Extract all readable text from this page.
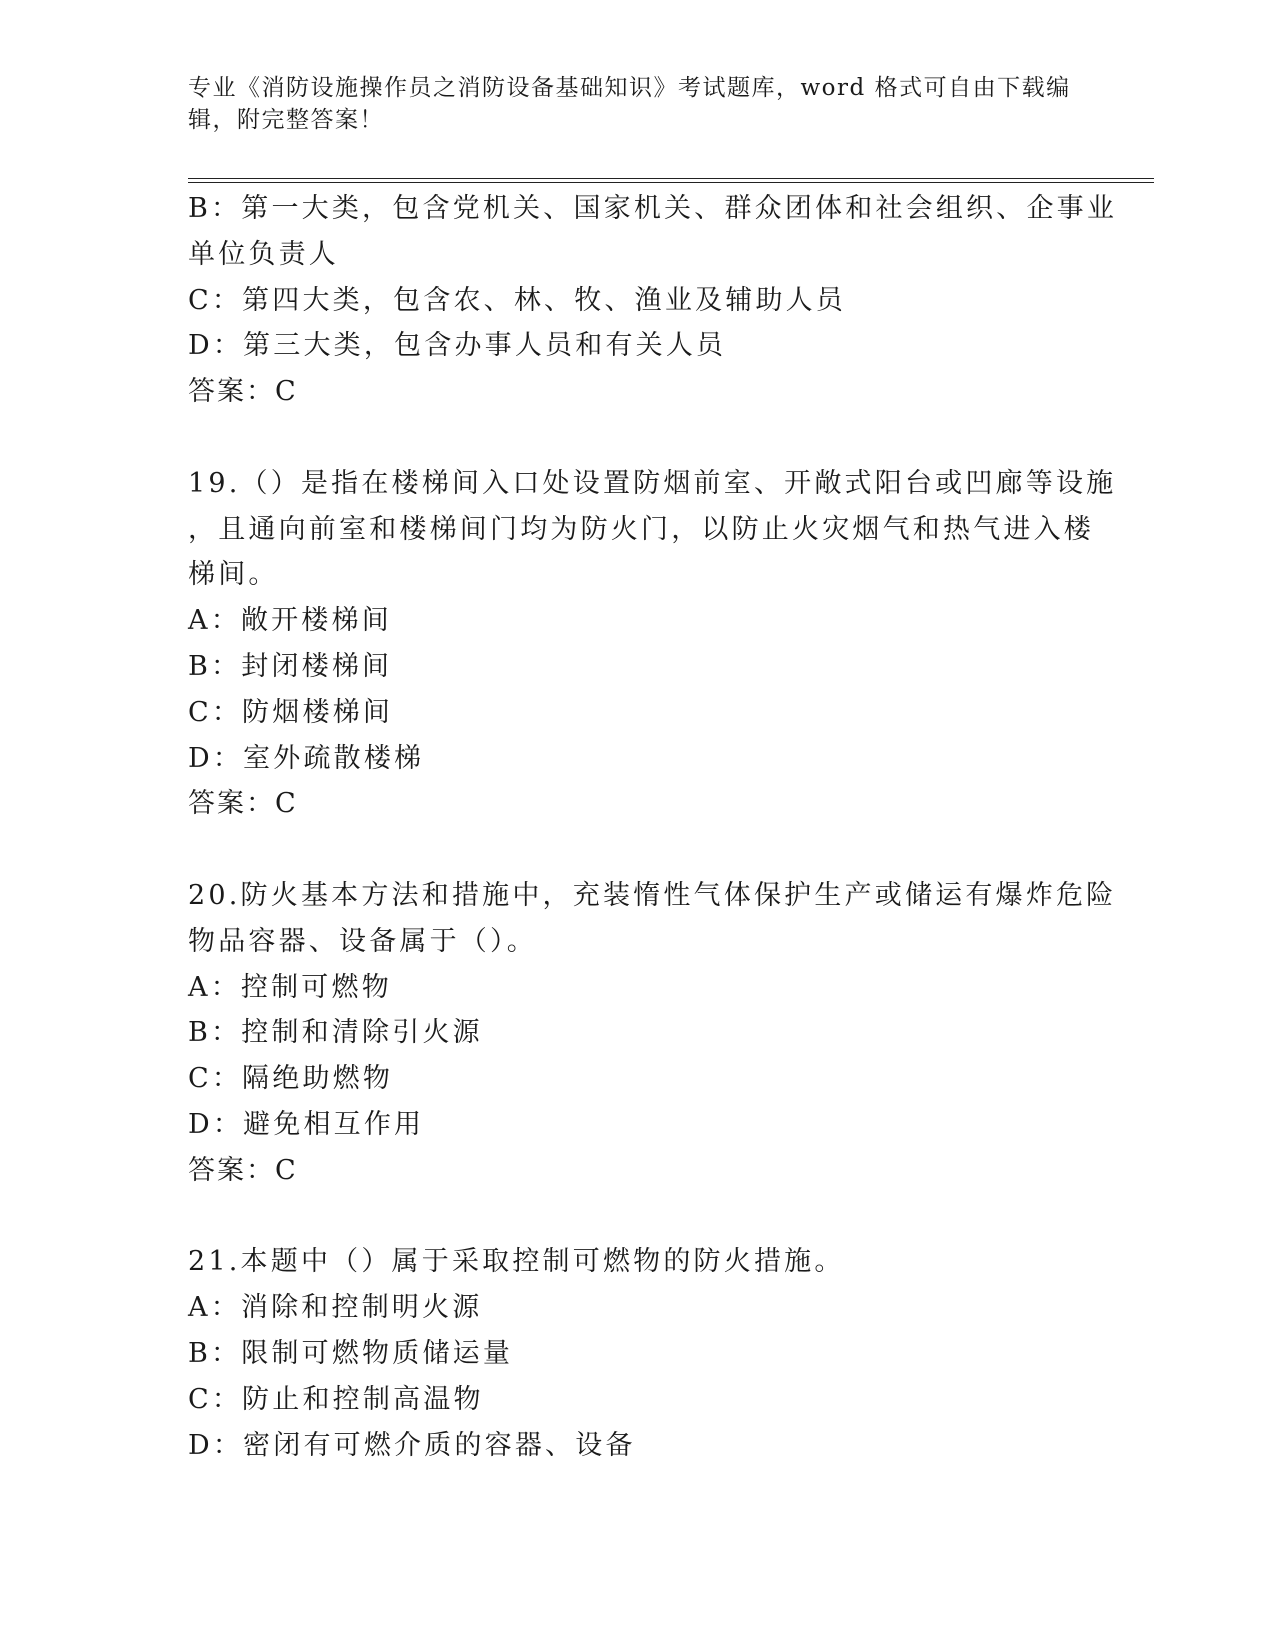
专业《消防设施操作员之消防设备基础知识》考试题库，word 格式可自由下载编
辑，附完整答案！
B：第一大类，包含党机关、国家机关、群众团体和社会组织、企事业
单位负责人
C：第四大类，包含农、林、牧、渔业及辅助人员
D：第三大类，包含办事人员和有关人员
答案：C
19.（）是指在楼梯间入口处设置防烟前室、开敞式阳台或凹廊等设施
，且通向前室和楼梯间门均为防火门，以防止火灾烟气和热气进入楼
梯间。
A：敞开楼梯间
B：封闭楼梯间
C：防烟楼梯间
D：室外疏散楼梯
答案：C
20.防火基本方法和措施中，充装惰性气体保护生产或储运有爆炸危险
物品容器、设备属于（）。
A：控制可燃物
B：控制和清除引火源
C：隔绝助燃物
D：避免相互作用
答案：C
21.本题中（）属于采取控制可燃物的防火措施。
A：消除和控制明火源
B：限制可燃物质储运量
C：防止和控制高温物
D：密闭有可燃介质的容器、设备
